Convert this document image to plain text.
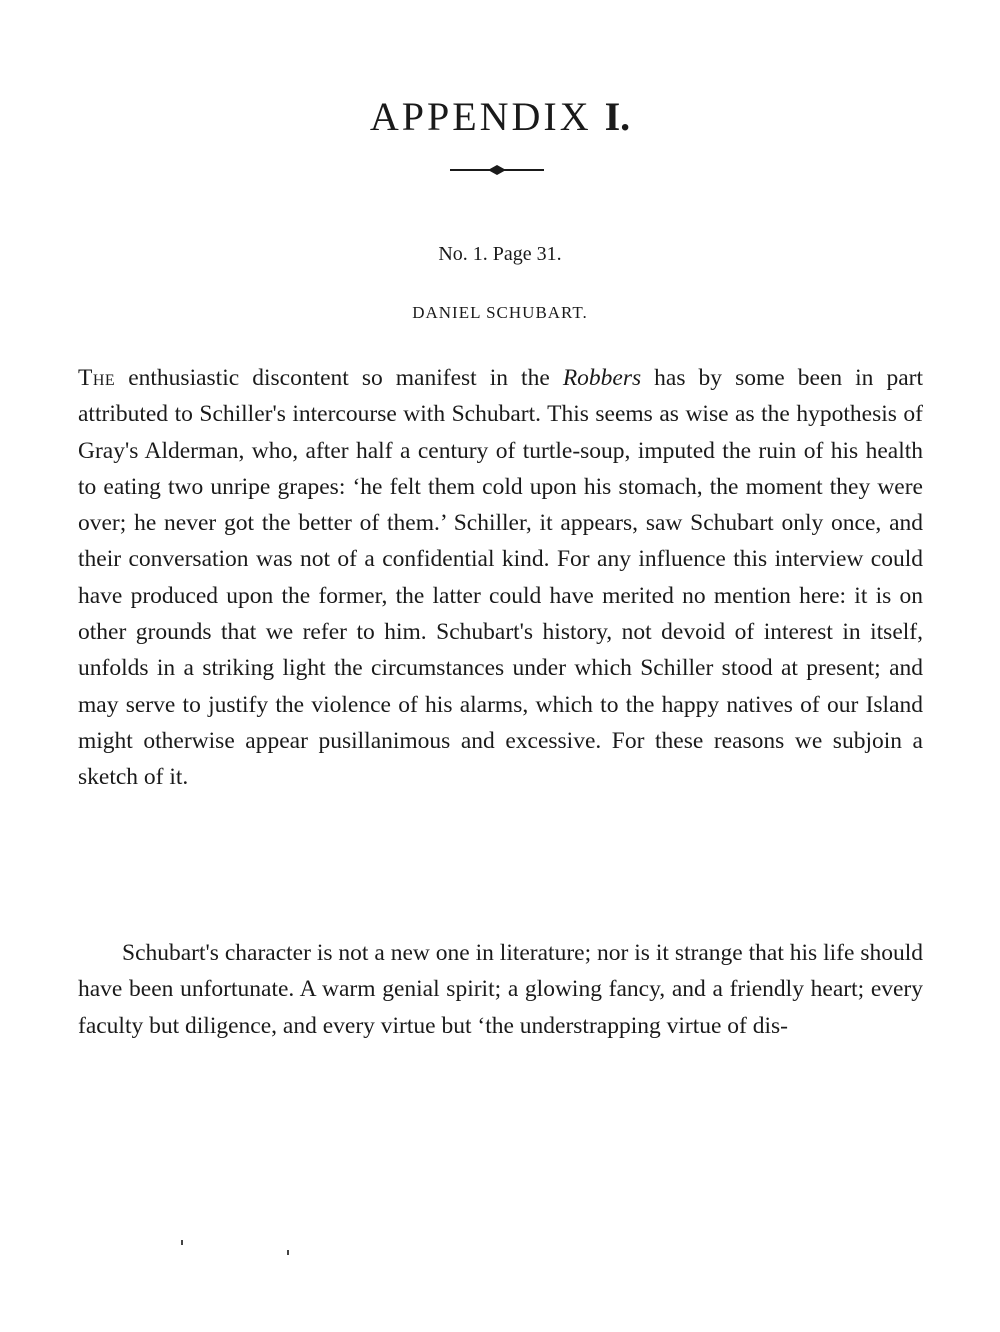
APPENDIX I.
No. 1. Page 31.
DANIEL SCHUBART.

The enthusiastic discontent so manifest in the Robbers has by some been in part attributed to Schiller's intercourse with Schubart. This seems as wise as the hypothesis of Gray's Alderman, who, after half a century of turtle-soup, imputed the ruin of his health to eating two unripe grapes: ‘he felt them cold upon his stomach, the moment they were over; he never got the better of them.’ Schiller, it appears, saw Schubart only once, and their conversation was not of a confidential kind. For any influence this interview could have produced upon the former, the latter could have merited no mention here: it is on other grounds that we refer to him. Schubart's history, not devoid of interest in itself, unfolds in a striking light the circumstances under which Schiller stood at present; and may serve to justify the violence of his alarms, which to the happy natives of our Island might otherwise appear pusillanimous and excessive. For these reasons we subjoin a sketch of it.

Schubart's character is not a new one in literature; nor is it strange that his life should have been unfortunate. A warm genial spirit; a glowing fancy, and a friendly heart; every faculty but diligence, and every virtue but ‘the understrapping virtue of dis-
